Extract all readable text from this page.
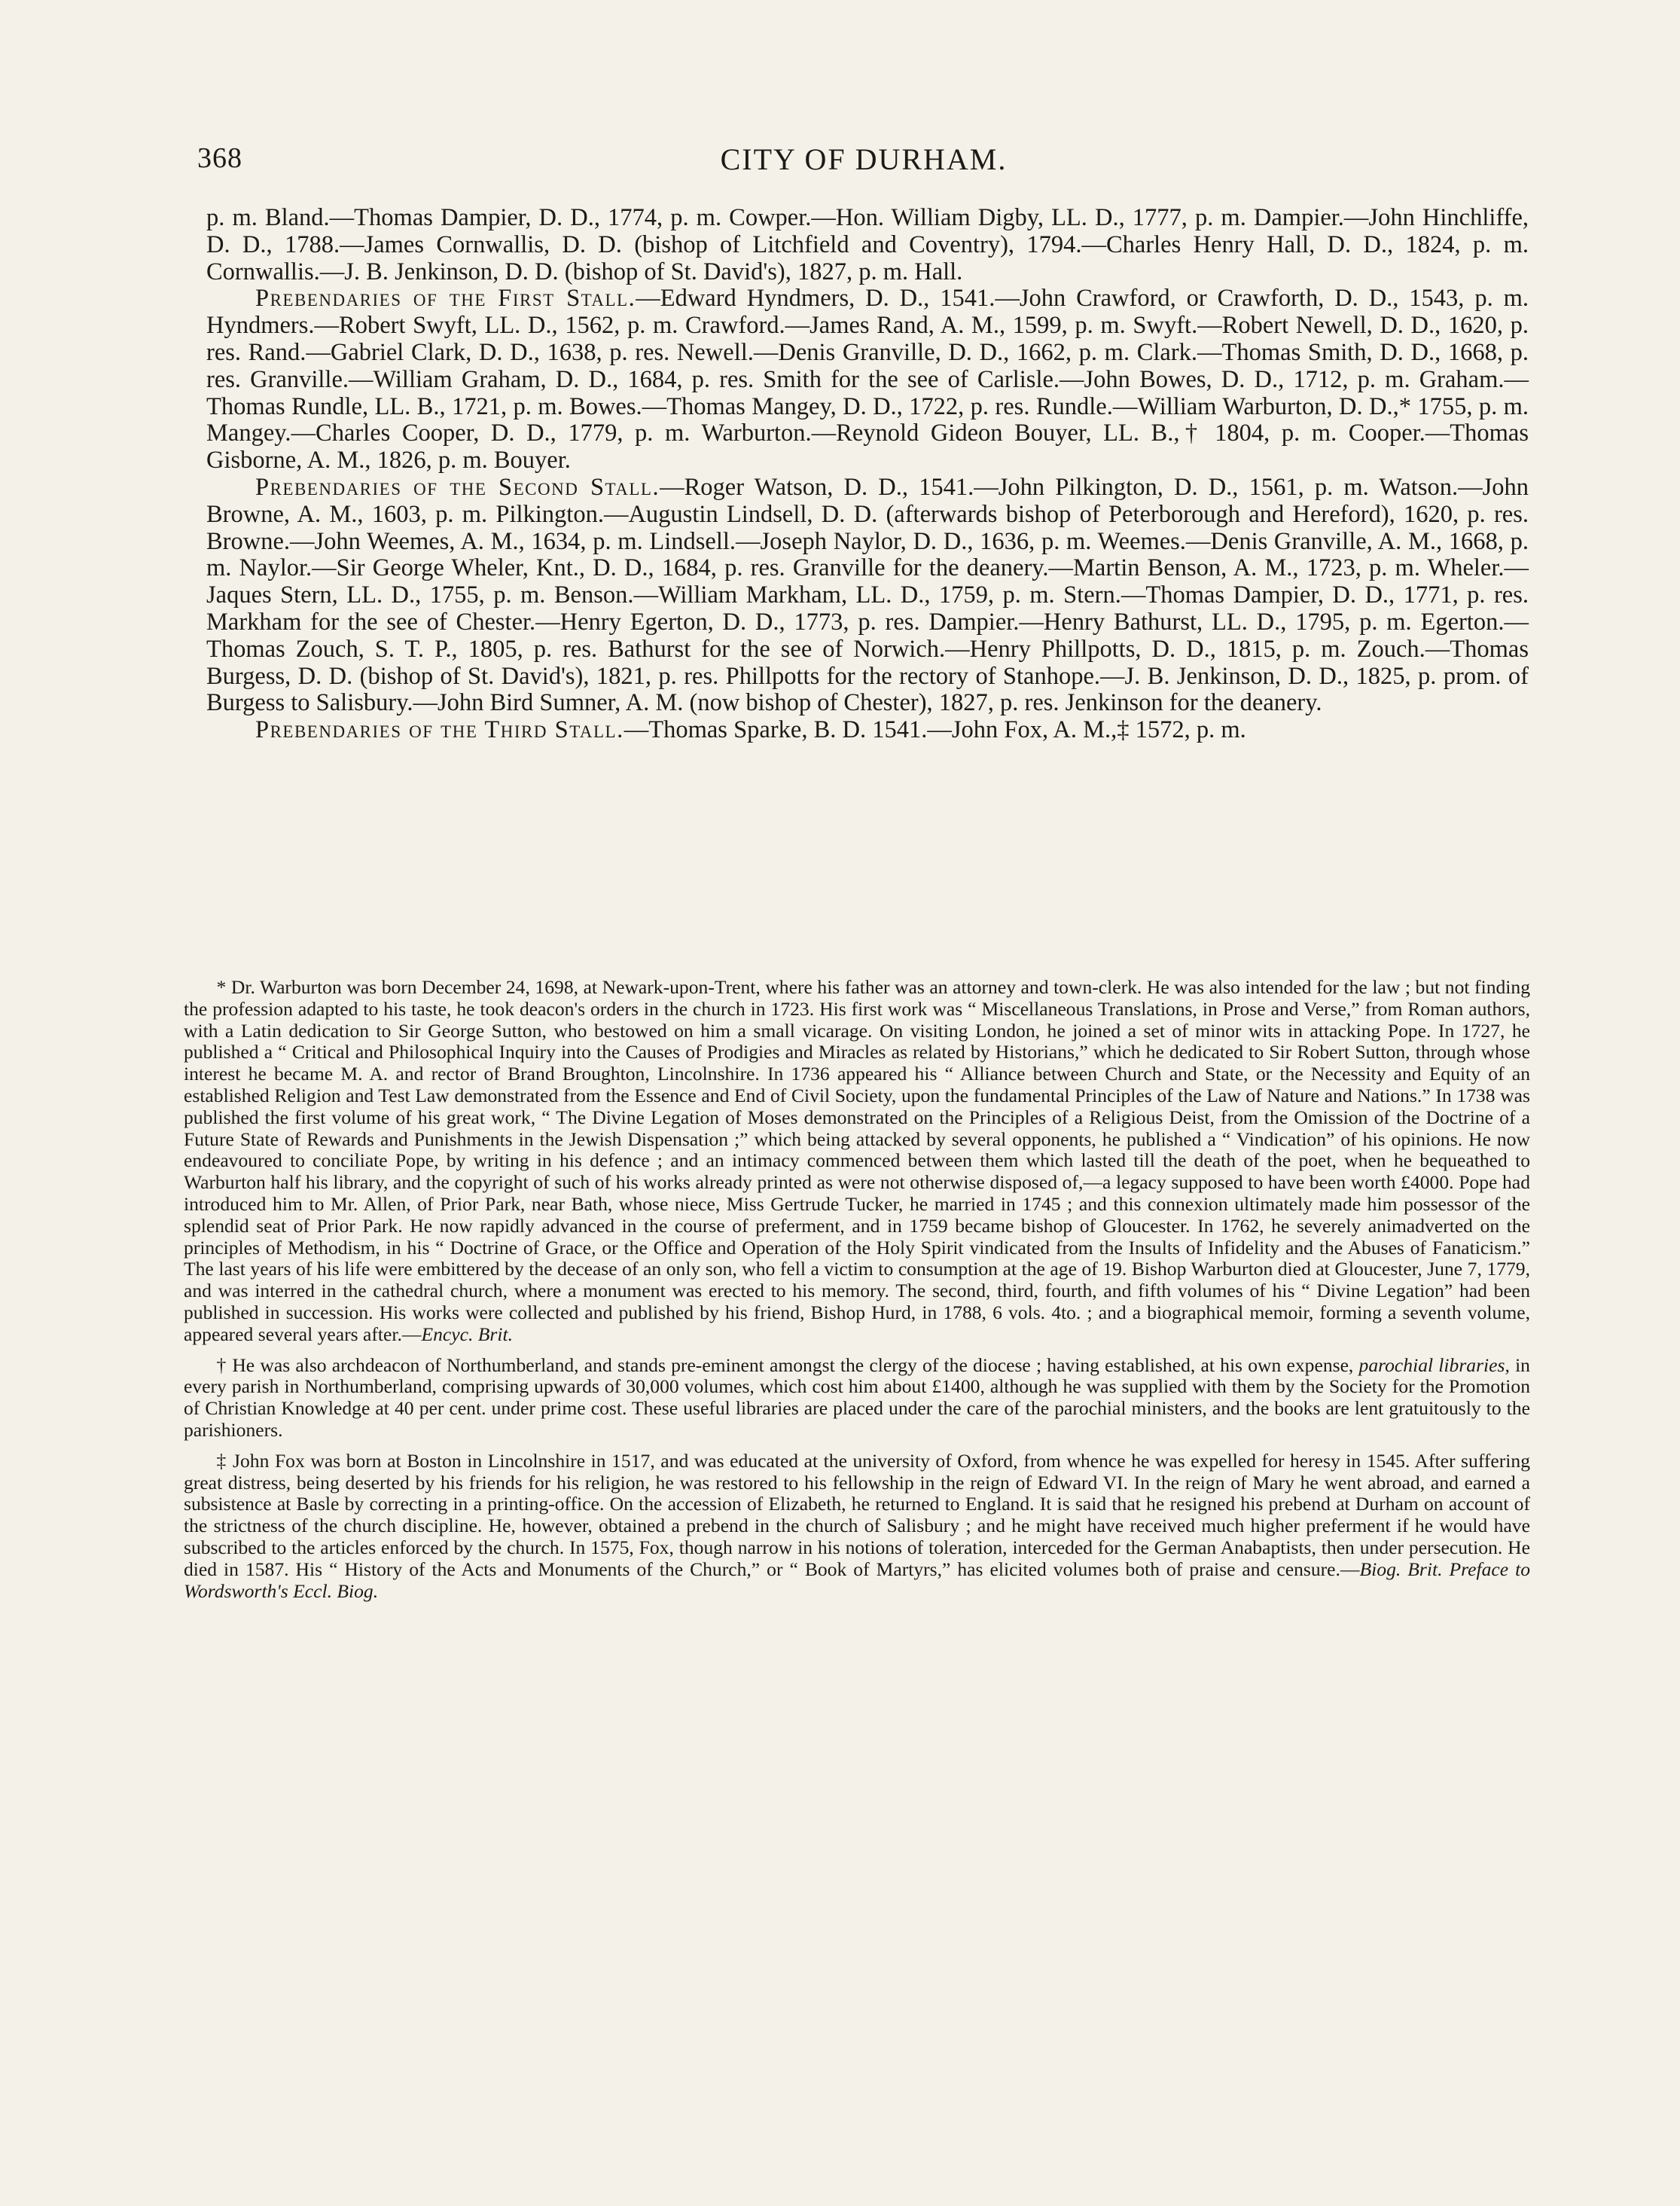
368	CITY OF DURHAM.

p. m. Bland.—Thomas Dampier, D. D., 1774, p. m. Cowper.—Hon. William Digby, LL. D., 1777, p. m. Dampier.—John Hinchliffe, D. D., 1788.—James Cornwallis, D. D. (bishop of Litchfield and Coventry), 1794.—Charles Henry Hall, D. D., 1824, p. m. Cornwallis.—J. B. Jenkinson, D. D. (bishop of St. David's), 1827, p. m. Hall.

Prebendaries of the First Stall.—Edward Hyndmers, D. D., 1541.—John Crawford, or Crawforth, D. D., 1543, p. m. Hyndmers.—Robert Swyft, LL. D., 1562, p. m. Crawford.—James Rand, A. M., 1599, p. m. Swyft.—Robert Newell, D. D., 1620, p. res. Rand.—Gabriel Clark, D. D., 1638, p. res. Newell.—Denis Granville, D. D., 1662, p. m. Clark.—Thomas Smith, D. D., 1668, p. res. Granville.—William Graham, D. D., 1684, p. res. Smith for the see of Carlisle.—John Bowes, D. D., 1712, p. m. Graham.—Thomas Rundle, LL. B., 1721, p. m. Bowes.—Thomas Mangey, D. D., 1722, p. res. Rundle.—William Warburton, D. D.,* 1755, p. m. Mangey.—Charles Cooper, D. D., 1779, p. m. Warburton.—Reynold Gideon Bouyer, LL. B.,† 1804, p. m. Cooper.—Thomas Gisborne, A. M., 1826, p. m. Bouyer.

Prebendaries of the Second Stall.—Roger Watson, D. D., 1541.—John Pilkington, D. D., 1561, p. m. Watson.—John Browne, A. M., 1603, p. m. Pilkington.—Augustin Lindsell, D. D. (afterwards bishop of Peterborough and Hereford), 1620, p. res. Browne.—John Weemes, A. M., 1634, p. m. Lindsell.—Joseph Naylor, D. D., 1636, p. m. Weemes.—Denis Granville, A. M., 1668, p. m. Naylor.—Sir George Wheler, Knt., D. D., 1684, p. res. Granville for the deanery.—Martin Benson, A. M., 1723, p. m. Wheler.—Jaques Stern, LL. D., 1755, p. m. Benson.—William Markham, LL. D., 1759, p. m. Stern.—Thomas Dampier, D. D., 1771, p. res. Markham for the see of Chester.—Henry Egerton, D. D., 1773, p. res. Dampier.—Henry Bathurst, LL. D., 1795, p. m. Egerton.—Thomas Zouch, S. T. P., 1805, p. res. Bathurst for the see of Norwich.—Henry Phillpotts, D. D., 1815, p. m. Zouch.—Thomas Burgess, D. D. (bishop of St. David's), 1821, p. res. Phillpotts for the rectory of Stanhope.—J. B. Jenkinson, D. D., 1825, p. prom. of Burgess to Salisbury.—John Bird Sumner, A. M. (now bishop of Chester), 1827, p. res. Jenkinson for the deanery.

Prebendaries of the Third Stall.—Thomas Sparke, B. D. 1541.—John Fox, A. M.,‡ 1572, p. m.

* Dr. Warburton was born December 24, 1698, at Newark-upon-Trent, where his father was an attorney and town-clerk. He was also intended for the law ; but not finding the profession adapted to his taste, he took deacon's orders in the church in 1723. His first work was “ Miscellaneous Translations, in Prose and Verse,” from Roman authors, with a Latin dedication to Sir George Sutton, who bestowed on him a small vicarage. On visiting London, he joined a set of minor wits in attacking Pope. In 1727, he published a “ Critical and Philosophical Inquiry into the Causes of Prodigies and Miracles as related by Historians,” which he dedicated to Sir Robert Sutton, through whose interest he became M. A. and rector of Brand Broughton, Lincolnshire. In 1736 appeared his “ Alliance between Church and State, or the Necessity and Equity of an established Religion and Test Law demonstrated from the Essence and End of Civil Society, upon the fundamental Principles of the Law of Nature and Nations.” In 1738 was published the first volume of his great work, “ The Divine Legation of Moses demonstrated on the Principles of a Religious Deist, from the Omission of the Doctrine of a Future State of Rewards and Punishments in the Jewish Dispensation ;” which being attacked by several opponents, he published a “ Vindication” of his opinions. He now endeavoured to conciliate Pope, by writing in his defence ; and an intimacy commenced between them which lasted till the death of the poet, when he bequeathed to Warburton half his library, and the copyright of such of his works already printed as were not otherwise disposed of,—a legacy supposed to have been worth £4000. Pope had introduced him to Mr. Allen, of Prior Park, near Bath, whose niece, Miss Gertrude Tucker, he married in 1745 ; and this connexion ultimately made him possessor of the splendid seat of Prior Park. He now rapidly advanced in the course of preferment, and in 1759 became bishop of Gloucester. In 1762, he severely animadverted on the principles of Methodism, in his “ Doctrine of Grace, or the Office and Operation of the Holy Spirit vindicated from the Insults of Infidelity and the Abuses of Fanaticism.” The last years of his life were embittered by the decease of an only son, who fell a victim to consumption at the age of 19. Bishop Warburton died at Gloucester, June 7, 1779, and was interred in the cathedral church, where a monument was erected to his memory. The second, third, fourth, and fifth volumes of his “ Divine Legation” had been published in succession. His works were collected and published by his friend, Bishop Hurd, in 1788, 6 vols. 4to. ; and a biographical memoir, forming a seventh volume, appeared several years after.—Encyc. Brit.

† He was also archdeacon of Northumberland, and stands pre-eminent amongst the clergy of the diocese ; having established, at his own expense, parochial libraries, in every parish in Northumberland, comprising upwards of 30,000 volumes, which cost him about £1400, although he was supplied with them by the Society for the Promotion of Christian Knowledge at 40 per cent. under prime cost. These useful libraries are placed under the care of the parochial ministers, and the books are lent gratuitously to the parishioners.

‡ John Fox was born at Boston in Lincolnshire in 1517, and was educated at the university of Oxford, from whence he was expelled for heresy in 1545. After suffering great distress, being deserted by his friends for his religion, he was restored to his fellowship in the reign of Edward VI. In the reign of Mary he went abroad, and earned a subsistence at Basle by correcting in a printing-office. On the accession of Elizabeth, he returned to England. It is said that he resigned his prebend at Durham on account of the strictness of the church discipline. He, however, obtained a prebend in the church of Salisbury ; and he might have received much higher preferment if he would have subscribed to the articles enforced by the church. In 1575, Fox, though narrow in his notions of toleration, interceded for the German Anabaptists, then under persecution. He died in 1587. His “ History of the Acts and Monuments of the Church,” or “ Book of Martyrs,” has elicited volumes both of praise and censure.—Biog. Brit. Preface to Wordsworth's Eccl. Biog.
